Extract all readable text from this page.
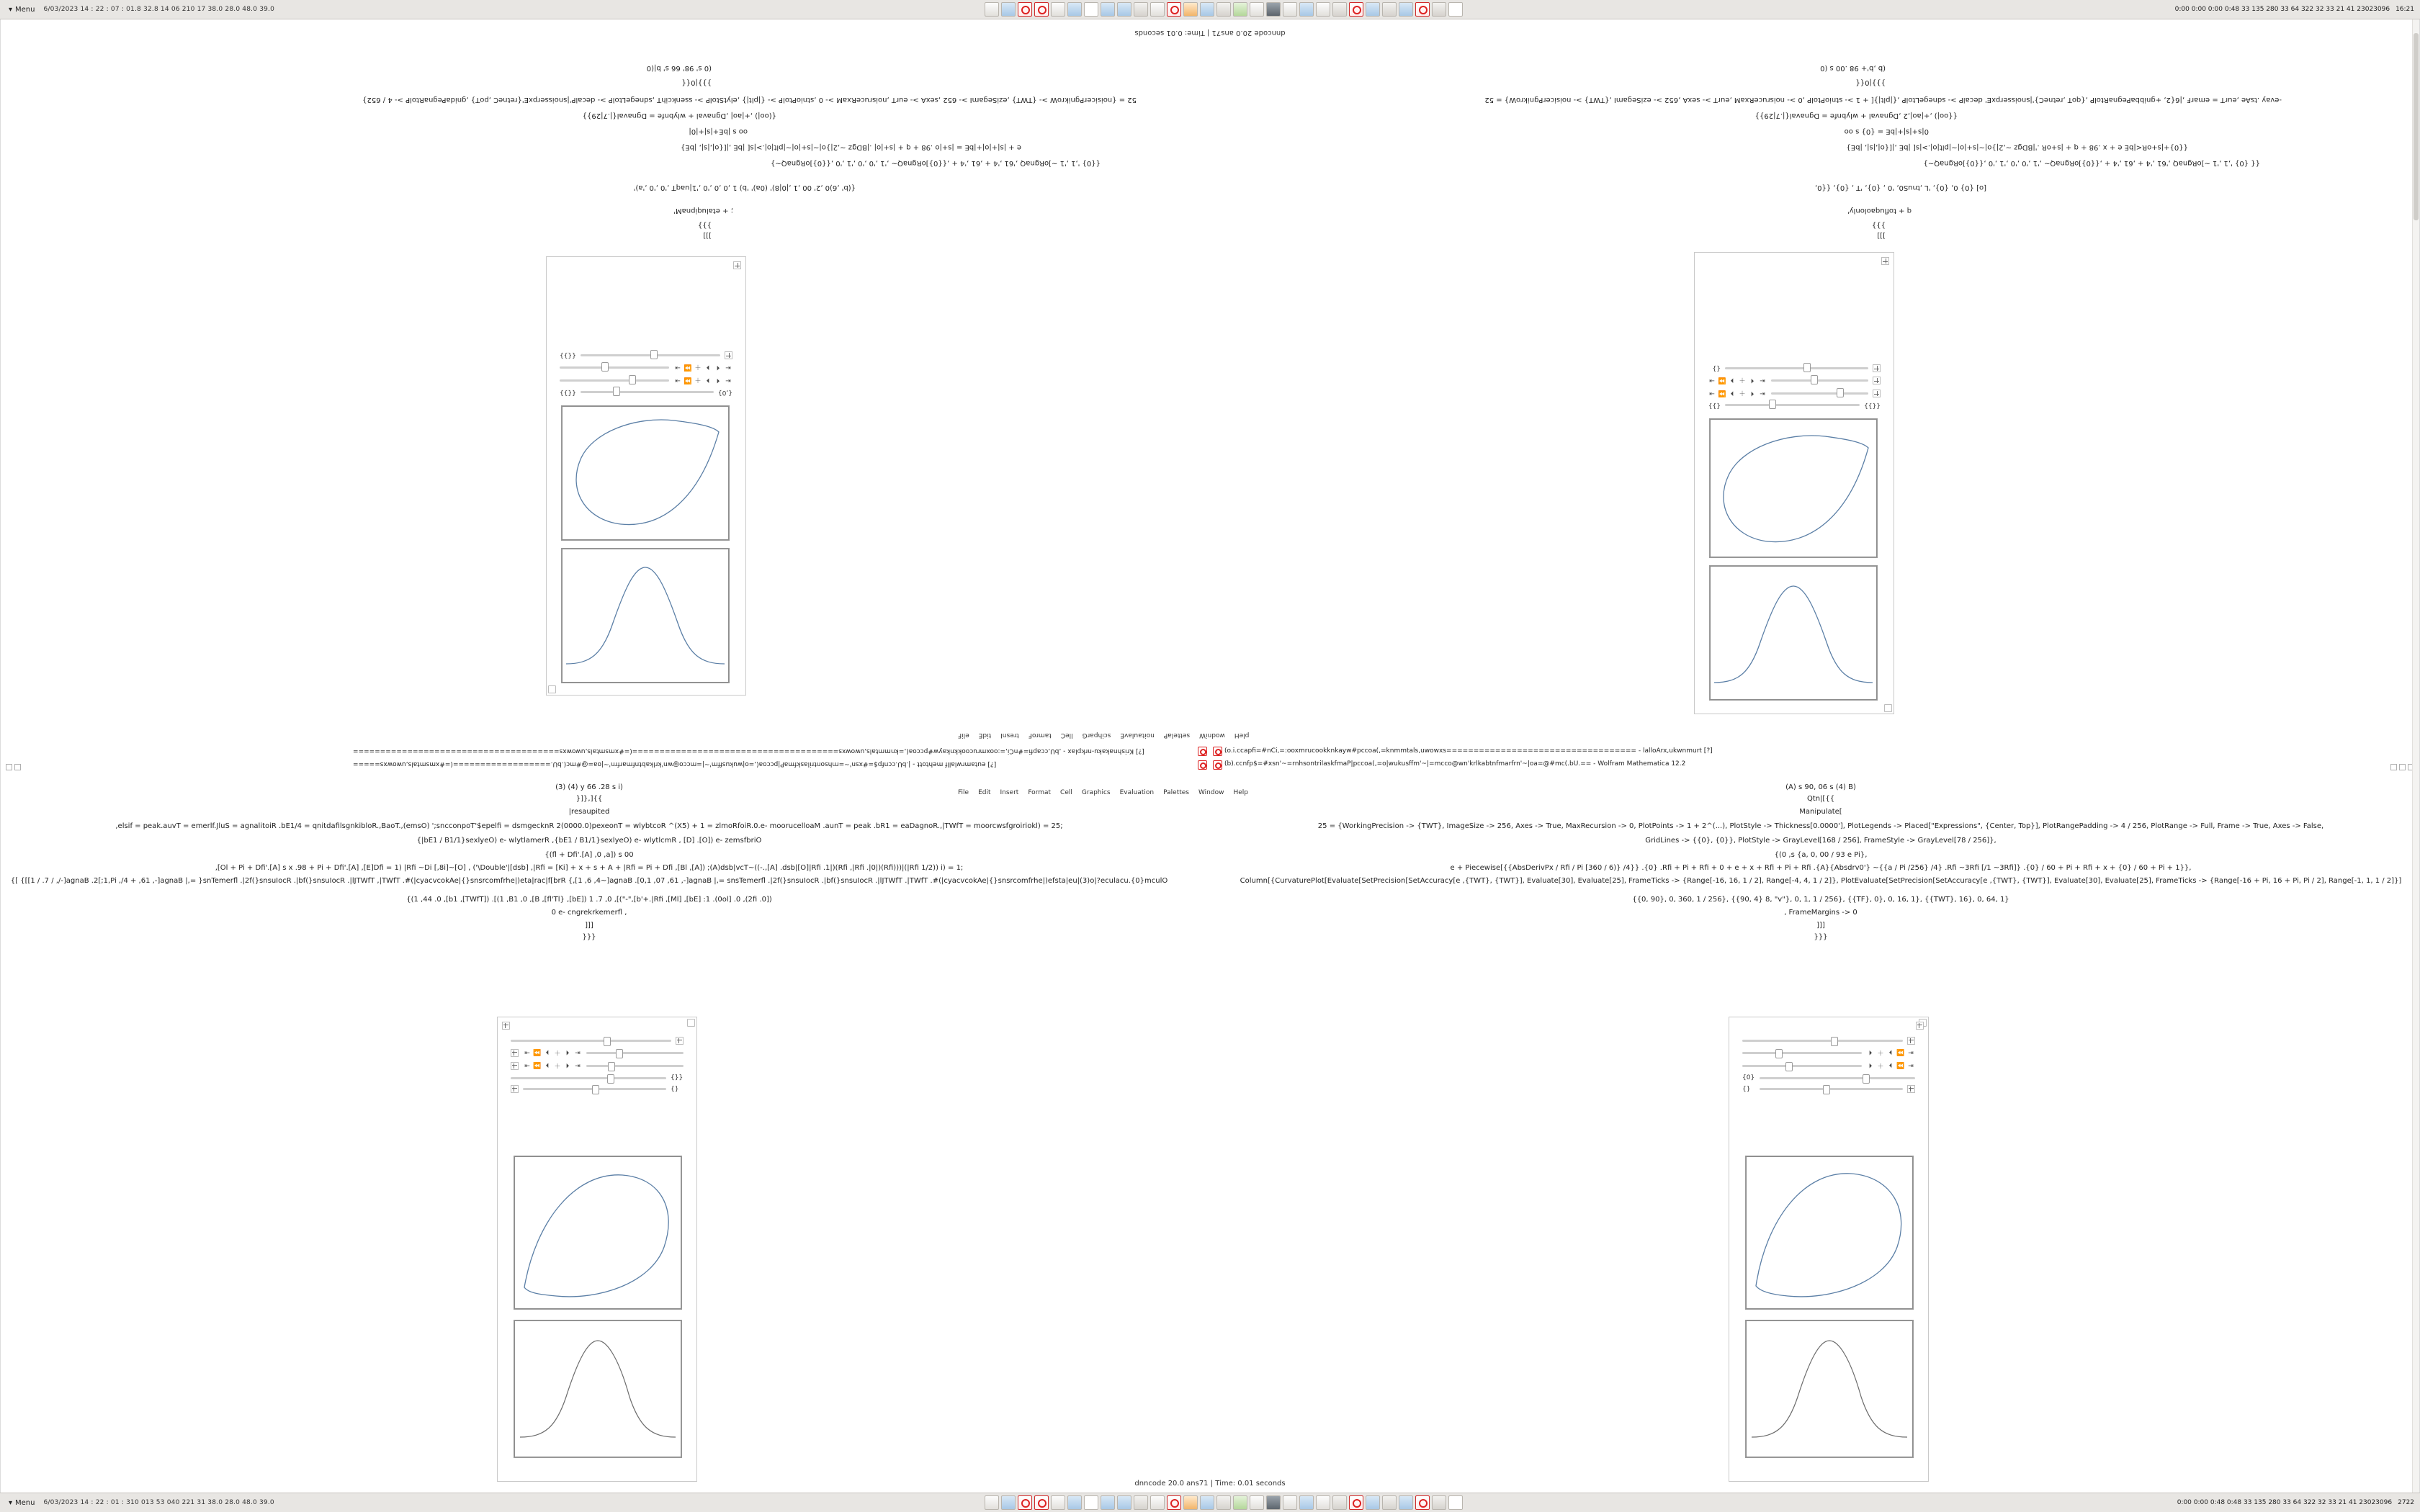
▾ Menu 6/03/2023 14 : 22 : 07 : 01.8 32.8 14 06 210 17 38.0 28.0 48.0 39.0	0:00 0:00 0:00 0:48 33 135 280 33 64 322 32 33 21 41 23023096 16:21
dnncode 20.0 ans71 | Time: 0.01 seconds
{,0}
{{}}
⇤
⏴
⏵
＋
⏩
⇥
⇤
⏴
⏵
＋
⏩
⇥
{{}}
{{}}
{}}
⇤
⏴
＋
⏵
⏩
⇥
⇤
⏴
＋
⏵
⏩
⇥
{}
]]]
}}}
q + tofluqaolonly'
[o] {0} 0, {0}, 'L ,tnuS0, '0 , {0}, 'T , {0}, {{0,
{{ {0} ',1 ,'1 ~]oRgnaQ ,'61 ,'4 + ,61 ,'4 + ,{{0}]oRgnaQ~ ,'1 ,'0 ,'0 ,'1 ,'0 ,{{0}]oRgnaQ~}
{{0}+|s+oR<|bE e + x .98 + q + |s+oR .'|BDgz ~,2|}o|~|s+|o|~|plt|o|.>|s[ |bE ,|[{o|,|s|, |bE}
0|s+|s|+|bE = {0} s oo
{{oo|) ,+|ao|,2 ,Dgnaval + wlybnfe = Dgnaval{|.7|29}}
-evay .tsAe ,eurT = emarF ,|6{2, +gnibbaPegnaRtolP ,{qoT ,retneC}'|snoisserpxE' decalP >- sdnegeLtolP ,{|plt|}[ + 1 >- stnioPtolP ,0 >- noisruceRxaM ,eurT >- sexA ,652 >- eziSegamI ,{TWT} >- noisicerPgnikroW} = 52
}}}|0{{
(b ,b'+ 98 .00 s (0
]]]
}}}
; + etaluqipnaM'
{(b' ,6)0 ,2' 00 ,1 ,|0|8)' (0a)' 'b) 1 ,0 ,0 ,'0 ,'1|uaqT ,'0 ,'0 ,'a)'
{{0} ',1 ,'1 ~]oRgnaQ ,'61 ,'4 + ,61 ,'4 + ,{{0}]oRgnaQ~ ,'1 ,'0 ,'0 ,'1 ,'0 ,{{0}]oRgnaQ~}
e + |s|+|o|+|bE = |s+|o .98 + q + |s+|o| .|BDgz ~,2|}o|~|s+|o|~|plt|o|.>|s[ |bE ,|[{o|,|s|, |bE}
oo s |bE+|s|+|0|
{(oo|) ,+|ao| ,Dgnaval + wlybnfe = Dgnaval{|.7|29}}
52 = {noisicerPgnikroW >- {TWT} ,eziSegamI >- 652 ,sexA >- eurT ,noisruceRxaM >- 0 ,stnioPtolP >- {|plt|} ,elytStolP >- ssenkcihT ,sdnegeLtolP >- decalP'|snoisserpxE'{retneC ,poT} ,gnidaPegnaRtolP >- 4 / 652}
}}}|0{{
(0 s' 98' 66 s' b|(0
pleH
wodniW
settelaP
noitaulavE
scihparG
lleC
tamroF
tresnI
tidE
eliF
[?] Krishnakaku-nrkplax - ,bU,ccapfi=#nCi,=:ooxmrucookknkayw#pccoa(,=knmmtals,uwowxs======================================(=#xmsmtals,uwowxs======================================
[?] eutamrwlallf mehtott - |.bU.ccnfp$=#xsn'~=rnhsontrilaskfmaP|pccoa(,=o|wukusffm'~|=mcco@wn'krlkabtnfmarfrn'~|oa=@#mc(.bU.==================(=#xmsmtals,uwowxs=====
(o.i.ccapfi=#nCi,=:ooxmrucookknkayw#pccoa(,=knmmtals,uwowxs=================================== - lalloArx,ukwnmurt [?]
(b).ccnfp$=#xsn'~=rnhsontrilaskfmaP|pccoa(,=o|wukusffm'~|=mcco@wn'krlkabtnfmarfrn'~|oa=@#mc(.bU.== - Wolfram Mathematica 12.2
File Edit Insert Format Cell Graphics Evaluation Palettes Window Help
(3) (4) y 66 .28 s i)
}]},]{{
|resaupited
,elsif = peak.auvT = emerlf.JluS = agnalitoiR .bE1/4 = qnitdafilsgnkibloR.,BaoT.,(emsO) ';sncconpoT'$epelfi = dsmgecknR 2(0000.0)pexeonT = wlybtcoR ^(X5) + 1 = zlmoRfoiR.0.e- moorucelloaM .aunT = peak .bR1 = eaDagnoR.,|TWfT = moorcwsfgroiriokl) = 25;
{|bE1 / B1/1}sexlyeO) e- wlytlamerR ,{bE1 / B1/1}sexlyeO) e- wlytlcmR , [D] .[O]) e- zemsfbriO
{(fl + Dfi'.[A] ,0 ,a]) s 00
,[Ol + Pi + Dfi'.[A] s x .98 + Pi + Dfi'.[A] ,[E]Dfi = 1) |Rfi ~Di [,8i]~[O] , ('\Double'|[dsb] ,|Rfi = [Ki] + x + s + A + |Rfi = Pi + Dfi ,[Bl ,[A]) ;(A)dsb|vcT~((-.,[A] .dsb|[O]|Rfi .1|)(Rfi ,|Rfi .|0|)(Rfi)))|(|Rfi 1/2)) i) = 1;
{[ {[[1 / .7 / ,/-]agnaB .2[;1,Pi ,/4 + ,61 ,-]agnaB |,= }snTemerfl .|2f(}snsuIocR .|bf(}snsuIocR .|lJTWfT ,|TWfT .#(|cyacvcokAe|{}snsrcomfrhe|)eta|rac|f[brR {,[1 ,6 ,4~]agnaB .[0,1 ,07 ,61 ,-]agnaB |,= snsTemerfl .|2f(}snsuIocR .|bf(}snsuIocR .|lJTWfT .|TWfT .#(|cyacvcokAe|{}snsrcomfrhe|)efsta|eu|(3)o|?eculacu.{0}mculO
{(1 ,44 .0 ,[b1 ,[TWfT]) .[(1 ,B1 ,0 ,[B ,[fl'Tl} ,[bE]) 1 .7 ,0 ,[("-",[b'+.|Rfi ,[Ml] ,[bE] :1 .(0ol] .0 ,(2fi .0])
0 e- cngrekrkemerfl ,
]]]
}}}
(A) s 90, 06 s (4) B)
Qtn|[{{
Manipulate[
25 = {WorkingPrecision -> {TWT}, ImageSize -> 256, Axes -> True, MaxRecursion -> 0, PlotPoints -> 1 + 2^(...), PlotStyle -> Thickness[0.0000'], PlotLegends -> Placed["Expressions", {Center, Top}], PlotRangePadding -> 4 / 256, PlotRange -> Full, Frame -> True, Axes -> False,
GridLines -> {{0}, {0}}, PlotStyle -> GrayLevel[168 / 256], FrameStyle -> GrayLevel[78 / 256]},
{(0 ,s {a, 0, 00 / 93 e Pi},
e + Piecewise[{{AbsDerivPx / Rfi / Pi [360 / 6)} /4}} .{0} .Rfi + Pi + Rfi + 0 + e + x + Rfi + Pi + Rfi .{A}{Absdrv0'} ~{{a / Pi /256} /4} .Rfi ~3Rfi [/1 ~3Rfi]} .{0} / 60 + Pi + Rfi + x + {0} / 60 + Pi + 1}},
Column[{CurvaturePlot[Evaluate[SetPrecision[SetAccuracy[e ,{TWT}, {TWT}], Evaluate[30], Evaluate[25], FrameTicks -> {Range[-16, 16, 1 / 2], Range[-4, 4, 1 / 2]}, PlotEvaluate[SetPrecision[SetAccuracy[e ,{TWT}, {TWT}], Evaluate[30], Evaluate[25], FrameTicks -> {Range[-16 + Pi, 16 + Pi, Pi / 2], Range[-1, 1, 1 / 2]}]
{{0, 90}, 0, 360, 1 / 256}, {{90, 4} 8, "v"}, 0, 1, 1 / 256}, {{TF}, 0}, 0, 16, 1}, {{TWT}, 16}, 0, 64, 1}
, FrameMargins -> 0
]]]
}}}
⇤ ⏪ ⏴ ＋ ⏵ ⇥
⇤ ⏪ ⏴ ＋ ⏵ ⇥
{}}
{}
⏵ ＋ ⏴ ⏪ ⇥
⏵ ＋ ⏴ ⏪ ⇥
{0}
{}
dnncode 20.0 ans71 | Time: 0.01 seconds
▾ Menu 6/03/2023 14 : 22 : 01 : 310 013 53 040 221 31 38.0 28.0 48.0 39.0	0:00 0:00 0:48 0:48 33 135 280 33 64 322 32 33 21 41 23023096 2722
